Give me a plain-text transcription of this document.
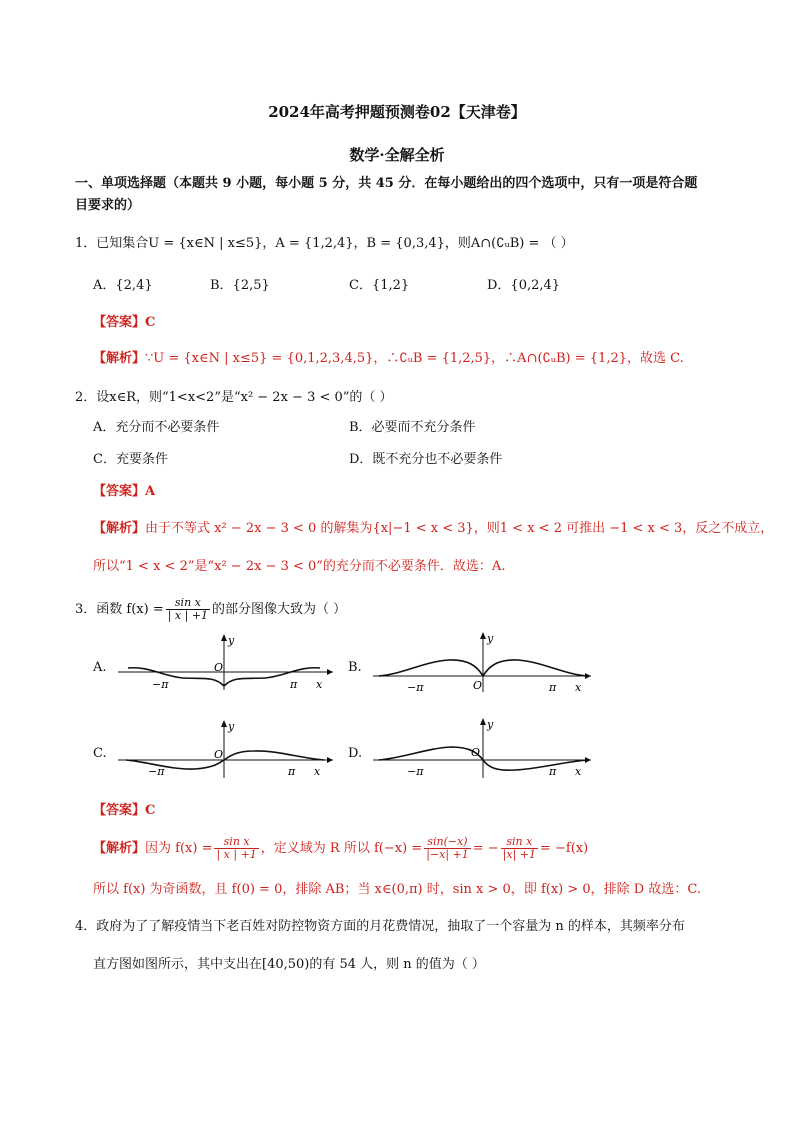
2024年高考押题预测卷02【天津卷】
数学·全解全析
一、单项选择题（本题共 9 小题，每小题 5 分，共 45 分．在每小题给出的四个选项中，只有一项是符合题
目要求的）
1．已知集合U = {x∈N | x≤5}，A = {1,2,4}，B = {0,3,4}，则A∩(∁ᵤB) = （ ）
A．{2,4}	B．{2,5}	C．{1,2}	D．{0,2,4}
【答案】C
【解析】∵U = {x∈N | x≤5} = {0,1,2,3,4,5}，∴∁ᵤB = {1,2,5}，∴A∩(∁ᵤB) = {1,2}，故选 C.
2．设x∈R，则“1<x<2”是“x² − 2x − 3 < 0”的（ ）
A．充分而不必要条件	B．必要而不充分条件
C．充要条件	D．既不充分也不必要条件
【答案】A
【解析】由于不等式 x² − 2x − 3 < 0 的解集为{x|−1 < x < 3}，则1 < x < 2 可推出 −1 < x < 3，反之不成立，
所以“1 < x < 2”是“x² − 2x − 3 < 0”的充分而不必要条件．故选：A.
3．函数 $f(x) = \frac{\text{sin x}}{| x | +1}$ 的部分图像大致为（ ）
A.	B.
C.	D.
O
y
−π	π x	O
y
−π	π x
O
y
−π	π x
O
y
−π	π x
【答案】C
【解析】因为 $f(x) = \frac{\text{sin x}}{| x | +1}$ ，定义域为 R 所以 $f(-x) = \frac{\sin(-x)}{|-x| +1}$ = − $\frac{\text{sin x}}{|x| +1} = -f(x)$
所以 f(x) 为奇函数，且 f(0) = 0，排除 AB；当 x∈(0,π) 时，sin x > 0，即 f(x) > 0，排除 D 故选：C.
4．政府为了了解疫情当下老百姓对防控物资方面的月花费情况，抽取了一个容量为 n 的样本，其频率分布
直方图如图所示，其中支出在[40,50)的有 54 人，则 n 的值为（ ）
